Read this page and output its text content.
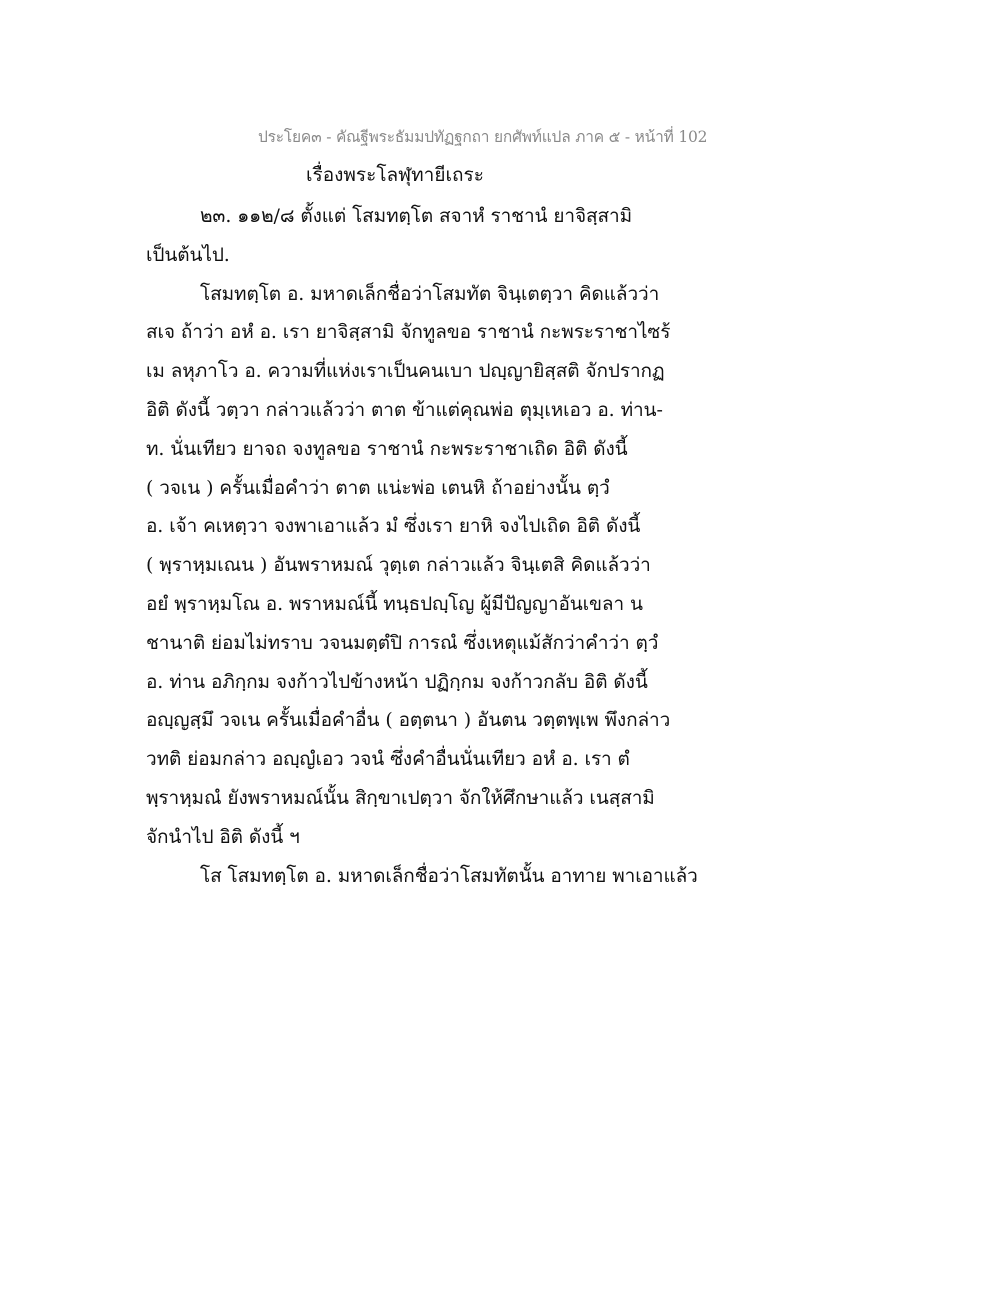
ประโยค๓ - คัณฐีพระธัมมปทัฏฐกถา ยกศัพท์แปล ภาค ๕ - หน้าที่ 102
เรื่องพระโลฬุทายีเถระ
๒๓. ๑๑๒/๘ ตั้งแต่ โสมทตฺโต สจาหํ ราชานํ ยาจิสฺสามิ
เป็นต้นไป.
โสมทตฺโต อ. มหาดเล็กชื่อว่าโสมทัต จินฺเตตฺวา คิดแล้วว่า
สเจ ถ้าว่า อหํ อ. เรา ยาจิสฺสามิ จักทูลขอ ราชานํ กะพระราชาไซร้
เม ลหุภาโว อ. ความที่แห่งเราเป็นคนเบา ปญฺญายิสฺสติ จักปรากฏ
อิติ ดังนี้ วตฺวา กล่าวแล้วว่า ตาต ข้าแต่คุณพ่อ ตุมฺเหเอว อ. ท่าน-
ท. นั่นเทียว ยาจถ จงทูลขอ ราชานํ กะพระราชาเถิด อิติ ดังนี้
( วจเน ) ครั้นเมื่อคำว่า ตาต แน่ะพ่อ เตนหิ ถ้าอย่างนั้น ตฺวํ
อ. เจ้า คเหตฺวา จงพาเอาแล้ว มํ ซึ่งเรา ยาหิ จงไปเถิด อิติ ดังนี้
( พฺราหฺมเณน ) อันพราหมณ์ วุตฺเต กล่าวแล้ว จินฺเตสิ คิดแล้วว่า
อยํ พฺราหฺมโณ อ. พราหมณ์นี้ ทนฺธปญฺโญ ผู้มีปัญญาอันเขลา น
ชานาติ ย่อมไม่ทราบ วจนมตฺตํปิ การณํ ซึ่งเหตุแม้สักว่าคำว่า ตฺวํ
อ. ท่าน อภิกฺกม จงก้าวไปข้างหน้า ปฏิกฺกม จงก้าวกลับ อิติ ดังนี้
อญฺญสฺมึ วจเน ครั้นเมื่อคำอื่น ( อตฺตนา ) อันตน วตฺตพฺเพ พึงกล่าว
วทติ ย่อมกล่าว อญฺญํเอว วจนํ ซึ่งคำอื่นนั่นเทียว อหํ อ. เรา ตํ
พฺราหฺมณํ ยังพราหมณ์นั้น สิกฺขาเปตฺวา จักให้ศึกษาแล้ว เนสฺสามิ
จักนำไป อิติ ดังนี้ ฯ
โส โสมทตฺโต อ. มหาดเล็กชื่อว่าโสมทัตนั้น อาทาย พาเอาแล้ว
